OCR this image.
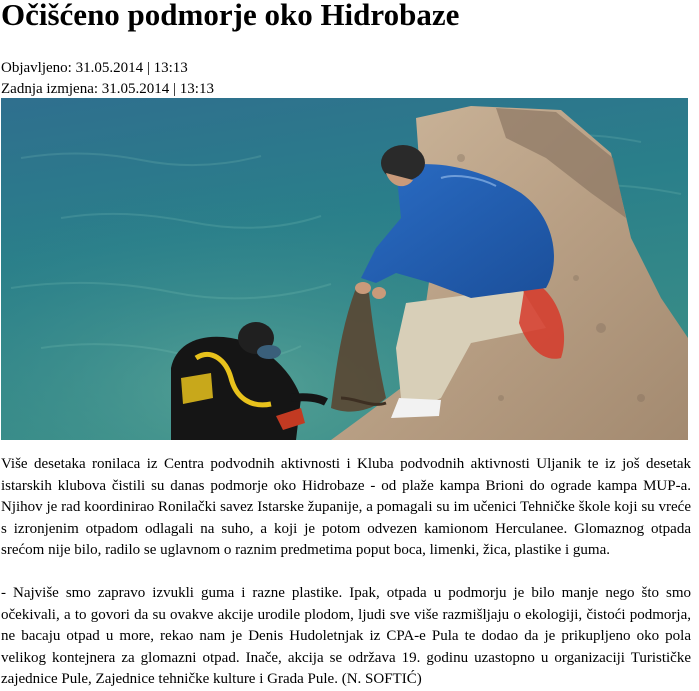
Očišćeno podmorje oko Hidrobaze
Objavljeno: 31.05.2014 | 13:13
Zadnja izmjena: 31.05.2014 | 13:13

Više desetaka ronilaca iz Centra podvodnih aktivnosti i Kluba podvodnih aktivnosti Uljanik te iz još desetak istarskih klubova čistili su danas podmorje oko Hidrobaze - od plaže kampa Brioni do ograde kampa MUP-a. Njihov je rad koordinirao Ronilački savez Istarske županije, a pomagali su im učenici Tehničke škole koji su vreće s izronjenim otpadom odlagali na suho, a koji je potom odvezen kamionom Herculanee. Glomaznog otpada srećom nije bilo, radilo se uglavnom o raznim predmetima poput boca, limenki, žica, plastike i guma.

- Najviše smo zapravo izvukli guma i razne plastike. Ipak, otpada u podmorju je bilo manje nego što smo očekivali, a to govori da su ovakve akcije urodile plodom, ljudi sve više razmišljaju o ekologiji, čistoći podmorja, ne bacaju otpad u more, rekao nam je Denis Hudoletnjak iz CPA-e Pula te dodao da je prikupljeno oko pola velikog kontejnera za glomazni otpad. Inače, akcija se održava 19. godinu uzastopno u organizaciji Turističke zajednice Pule, Zajednice tehničke kulture i Grada Pule. (N. SOFTIĆ)
